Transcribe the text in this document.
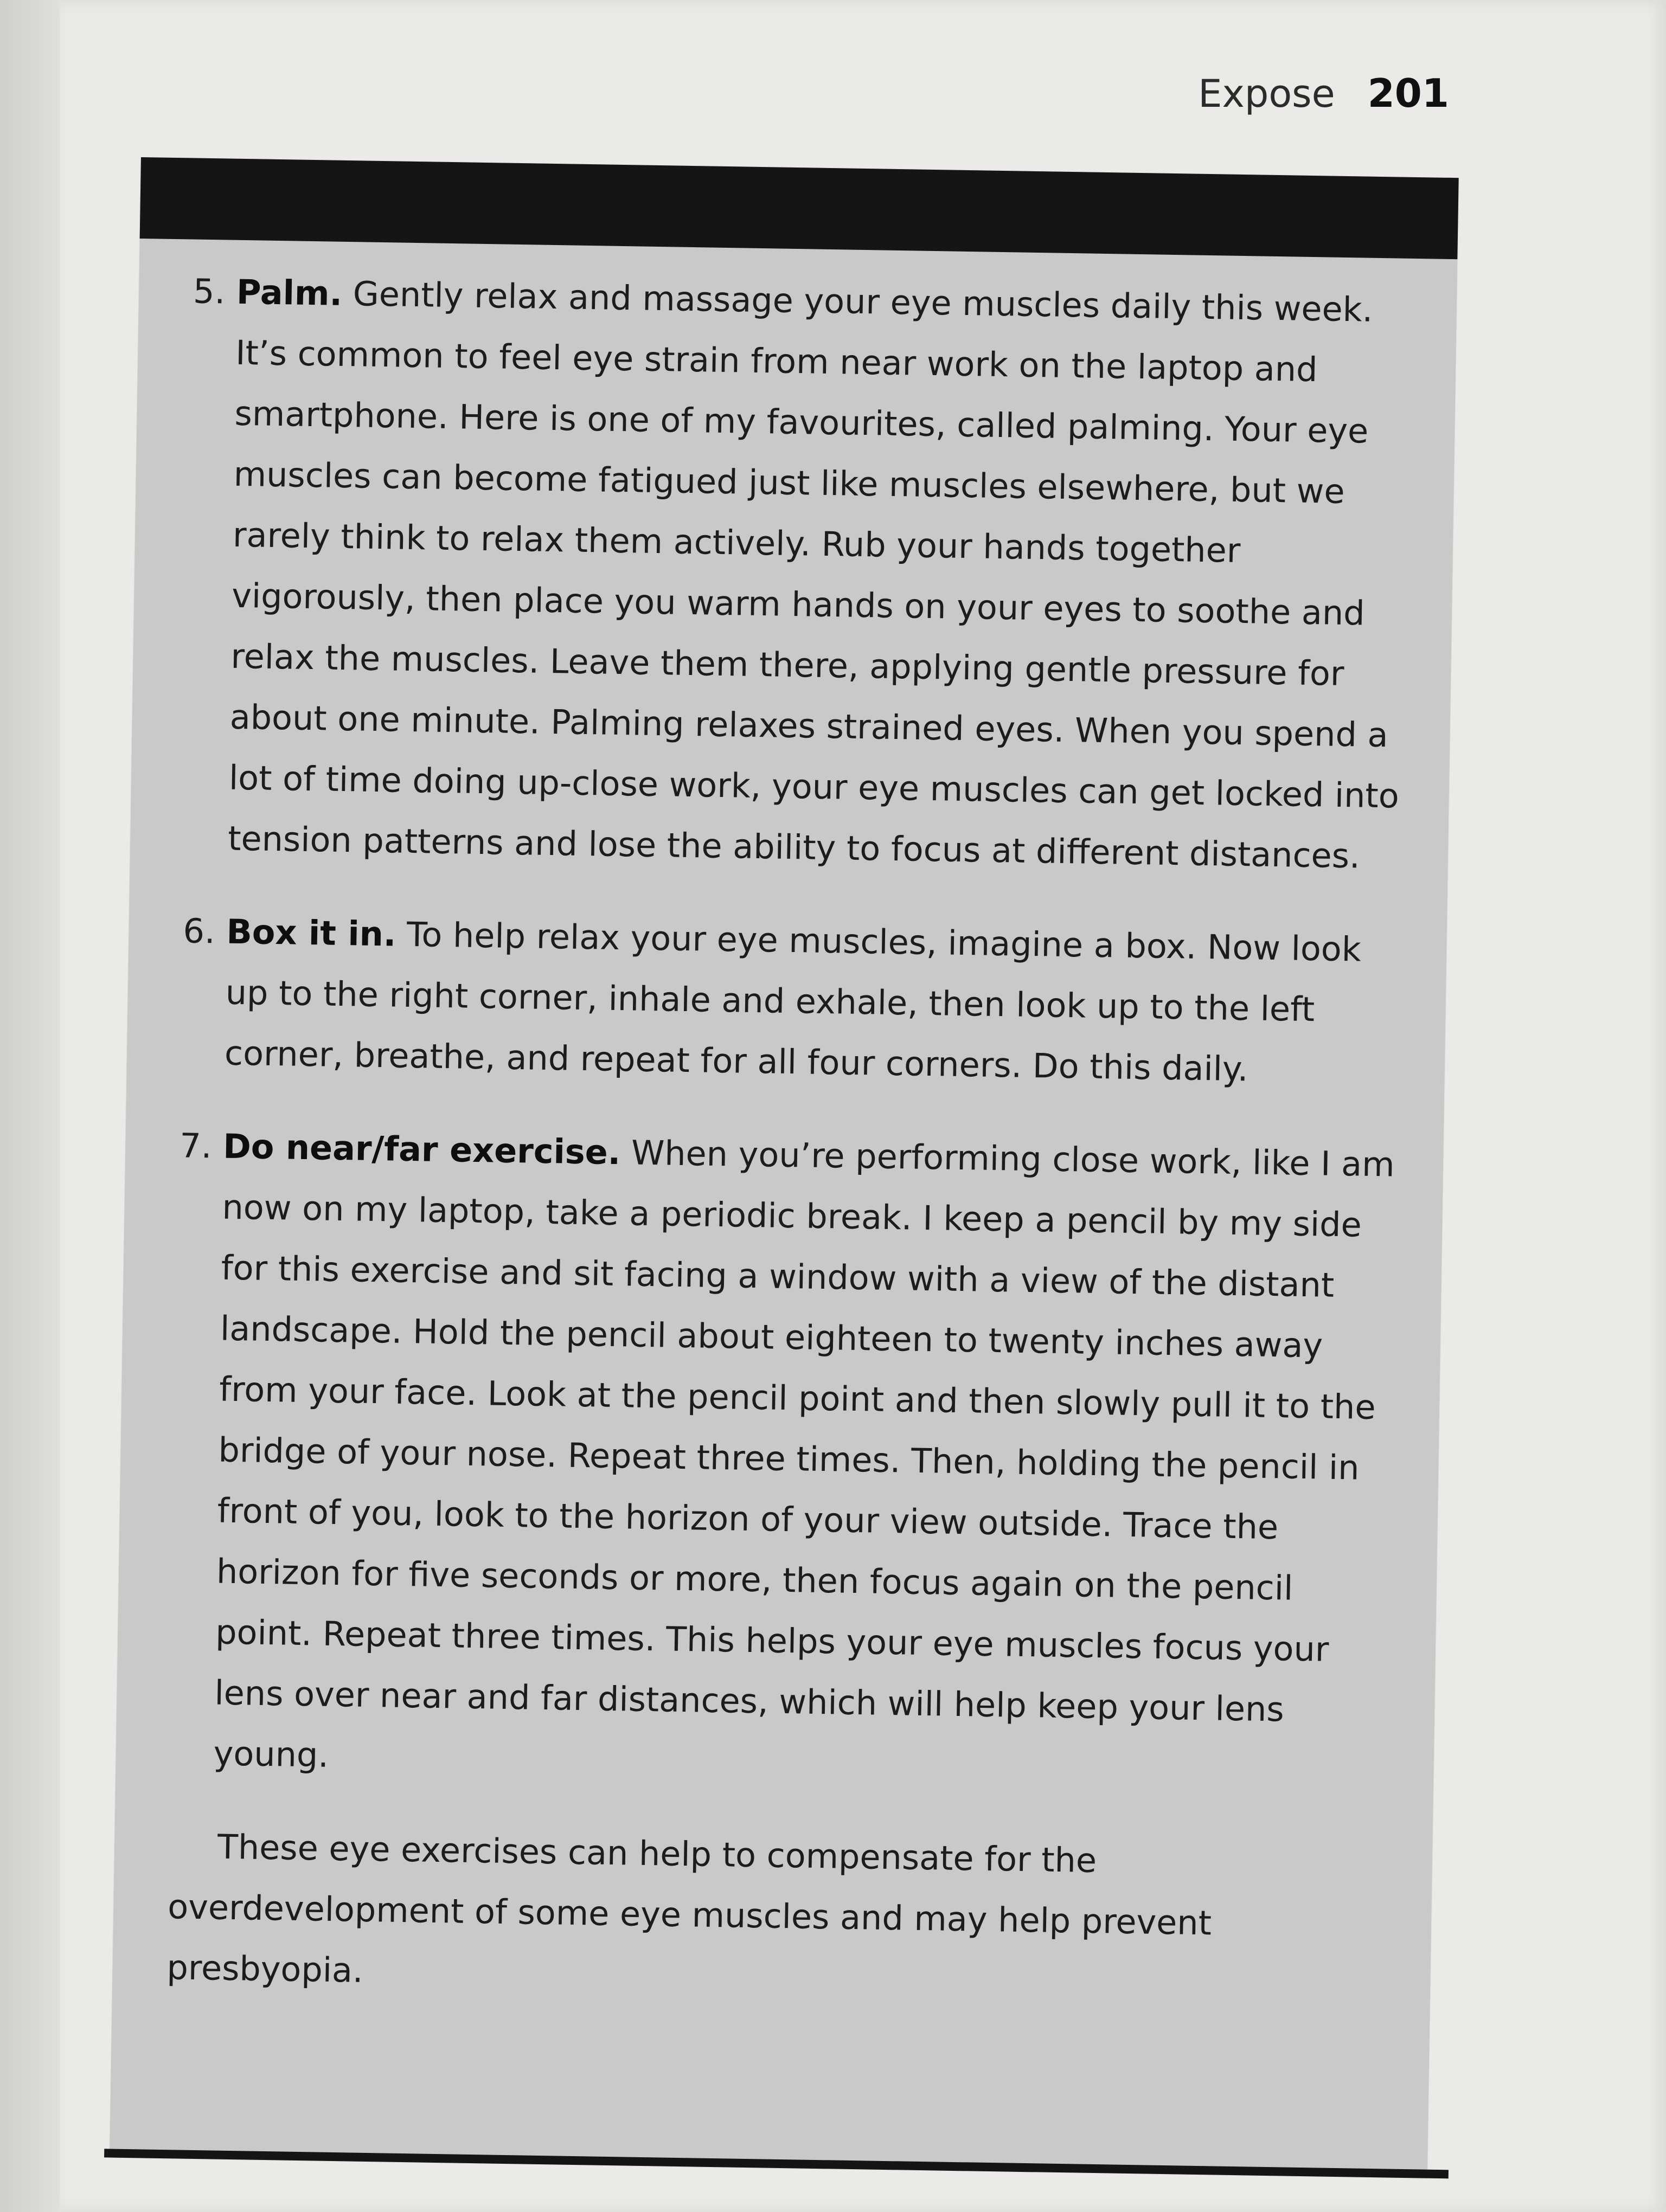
Expose 201
5. Palm. Gently relax and massage your eye muscles daily this week. It’s common to feel eye strain from near work on the laptop and smartphone. Here is one of my favourites, called palming. Your eye muscles can become fatigued just like muscles elsewhere, but we rarely think to relax them actively. Rub your hands together vigorously, then place you warm hands on your eyes to soothe and relax the muscles. Leave them there, applying gentle pressure for about one minute. Palming relaxes strained eyes. When you spend a lot of time doing up-close work, your eye muscles can get locked into tension patterns and lose the ability to focus at different distances.
6. Box it in. To help relax your eye muscles, imagine a box. Now look up to the right corner, inhale and exhale, then look up to the left corner, breathe, and repeat for all four corners. Do this daily.
7. Do near/far exercise. When you’re performing close work, like I am now on my laptop, take a periodic break. I keep a pencil by my side for this exercise and sit facing a window with a view of the distant landscape. Hold the pencil about eighteen to twenty inches away from your face. Look at the pencil point and then slowly pull it to the bridge of your nose. Repeat three times. Then, holding the pencil in front of you, look to the horizon of your view outside. Trace the horizon for five seconds or more, then focus again on the pencil point. Repeat three times. This helps your eye muscles focus your lens over near and far distances, which will help keep your lens young.

These eye exercises can help to compensate for the overdevelopment of some eye muscles and may help prevent presbyopia.
